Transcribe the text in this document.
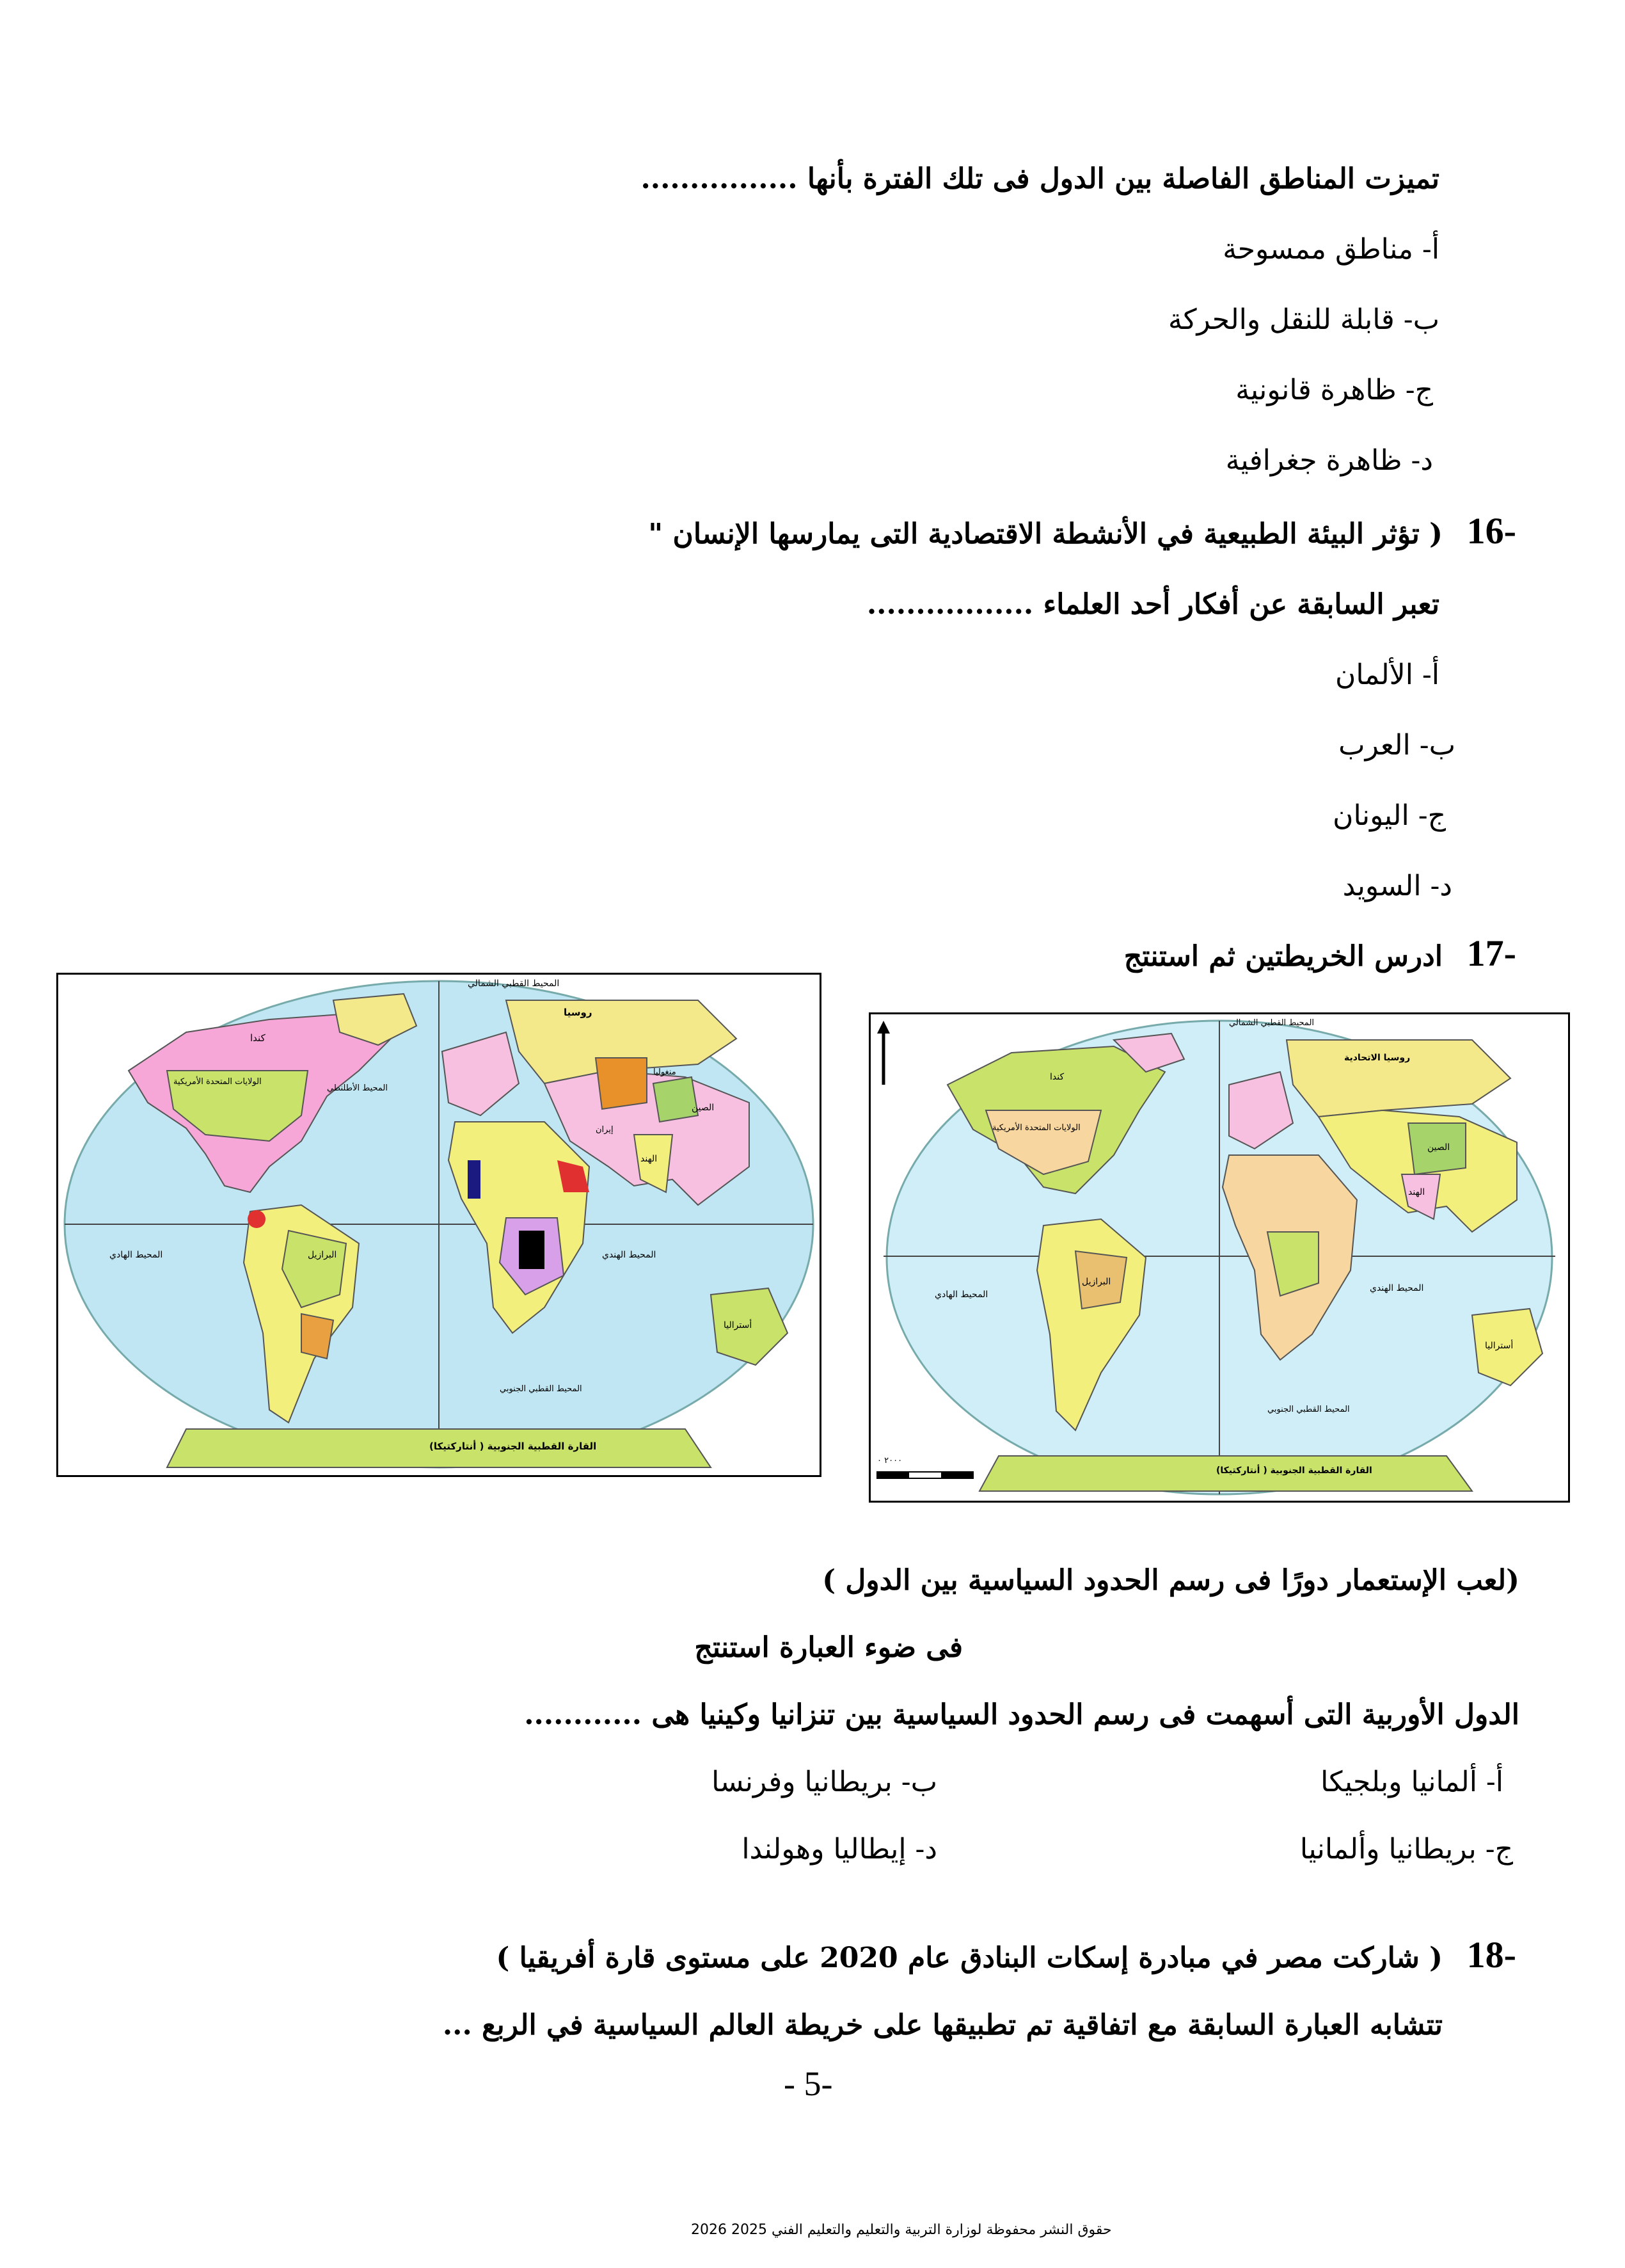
تميزت المناطق الفاصلة بين الدول فى تلك الفترة بأنها ................
أ- مناطق ممسوحة
ب- قابلة للنقل والحركة
ج- ظاهرة قانونية
د- ظاهرة جغرافية
16-
( تؤثر البيئة الطبيعية في الأنشطة الاقتصادية التى يمارسها الإنسان "
تعبر السابقة عن أفكار أحد العلماء .................
أ- الألمان
ب- العرب
ج- اليونان
د- السويد
17-
ادرس الخريطتين ثم استنتج
المحيط القطبي الشمالي
روسيا
كندا
الولايات المتحدة الأمريكية
المحيط الأطلنطي
الصين
منغوليا
الهند
إيران
البرازيل
المحيط الهادي	المحيط الهندي
أستراليا
المحيط القطبي الجنوبي
القارة القطبية الجنوبية ( أنتاركتيكا)
المحيط القطبي الشمالي
روسيا الاتحادية
كندا
الولايات المتحدة الأمريكية
الصين
الهند
البرازيل
المحيط الهادي
المحيط الهندي
أستراليا
المحيط القطبي الجنوبي
القارة القطبية الجنوبية ( أنتاركتيكا)
٢٠٠٠ ٠
(لعب الإستعمار دورًا فى رسم الحدود السياسية بين الدول )
فى ضوء العبارة استنتج
الدول الأوربية التى أسهمت فى رسم الحدود السياسية بين تنزانيا وكينيا هى ............
أ- ألمانيا وبلجيكا
ب- بريطانيا وفرنسا
ج- بريطانيا وألمانيا
د- إيطاليا وهولندا
18-
( شاركت مصر في مبادرة إسكات البنادق عام 2020 على مستوى قارة أفريقيا )
تتشابه العبارة السابقة مع اتفاقية تم تطبيقها على خريطة العالم السياسية في الربع ...
- 5-
حقوق النشر محفوظة لوزارة التربية والتعليم والتعليم الفني 2025 2026
